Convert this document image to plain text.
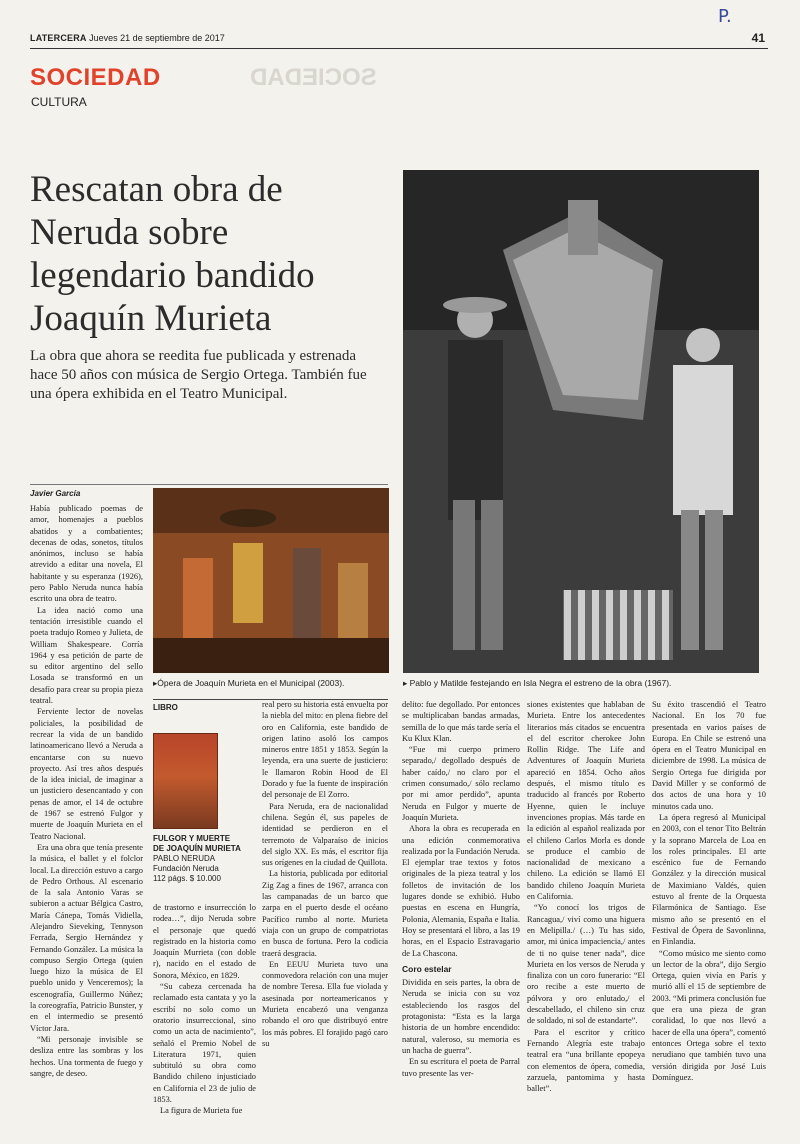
P.
LATERCERA Jueves 21 de septiembre de 2017	41
SOCIEDAD
SOCIEDAD
CULTURA
Rescatan obra de Neruda sobre legendario bandido Joaquín Murieta
La obra que ahora se reedita fue publicada y estrenada hace 50 años con música de Sergio Ortega. También fue una ópera exhibida en el Teatro Municipal.
Javier García
▸Ópera de Joaquín Murieta en el Municipal (2003).	▸ Pablo y Matilde festejando en Isla Negra el estreno de la obra (1967).

Había publicado poemas de amor, homenajes a pueblos abatidos y a combatientes; decenas de odas, sonetos, títulos anónimos, incluso se había atrevido a editar una novela, El habitante y su esperanza (1926), pero Pablo Neruda nunca había escrito una obra de teatro.

La idea nació como una tentación irresistible cuando el poeta tradujo Romeo y Julieta, de William Shakespeare. Corría 1964 y esa petición de parte de su editor argentino del sello Losada se transformó en un desafío para crear su propia pieza teatral.

Ferviente lector de novelas policiales, la posibilidad de recrear la vida de un bandido latinoamericano llevó a Neruda a encantarse con su nuevo proyecto. Así tres años después de la idea inicial, de imaginar a un justiciero desencantado y con penas de amor, el 14 de octubre de 1967 se estrenó Fulgor y muerte de Joaquín Murieta en el Teatro Nacional.

Era una obra que tenía presente la música, el ballet y el folclor local. La dirección estuvo a cargo de Pedro Orthous. Al escenario de la sala Antonio Varas se subieron a actuar Bélgica Castro, María Cánepa, Tomás Vidiella, Alejandro Sieveking, Tennyson Ferrada, Sergio Hernández y Fernando González. La música la compuso Sergio Ortega (quien luego hizo la música de El pueblo unido y Venceremos); la escenografía, Guillermo Núñez; la coreografía, Patricio Bunster, y en el intermedio se presentó Víctor Jara.

“Mi personaje invisible se desliza entre las sombras y los hechos. Una tormenta de fuego y sangre, de deseo.

LIBRO
FULGOR Y MUERTE DE JOAQUÍN MURIETA
PABLO NERUDA
Fundación Neruda
112 págs. $ 10.000

de trastorno e insurrección lo rodea…”, dijo Neruda sobre el personaje que quedó registrado en la historia como Joaquín Murrieta (con doble r), nacido en el estado de Sonora, México, en 1829.

“Su cabeza cercenada ha reclamado esta cantata y yo la escribí no solo como un oratorio insurreccional, sino como un acta de nacimiento”, señaló el Premio Nobel de Literatura 1971, quien subtituló su obra como Bandido chileno injusticiado en California el 23 de julio de 1853.

La figura de Murieta fue

real pero su historia está envuelta por la niebla del mito: en plena fiebre del oro en California, este bandido de origen latino asoló los campos mineros entre 1851 y 1853. Según la leyenda, era una suerte de justiciero: le llamaron Robin Hood de El Dorado y fue la fuente de inspiración del personaje de El Zorro.

Para Neruda, era de nacionalidad chilena. Según él, sus papeles de identidad se perdieron en el terremoto de Valparaíso de inicios del siglo XX. Es más, el escritor fija sus orígenes en la ciudad de Quillota.

La historia, publicada por editorial Zig Zag a fines de 1967, arranca con las campanadas de un barco que zarpa en el puerto desde el océano Pacífico rumbo al norte. Murieta viaja con un grupo de compatriotas en busca de fortuna. Pero la codicia traerá desgracia.

En EEUU Murieta tuvo una conmovedora relación con una mujer de nombre Teresa. Ella fue violada y asesinada por norteamericanos y Murieta encabezó una venganza robando el oro que distribuyó entre los más pobres. El forajido pagó caro su

delito: fue degollado. Por entonces se multiplicaban bandas armadas, semilla de lo que más tarde sería el Ku Klux Klan.

“Fue mi cuerpo primero separado,/ degollado después de haber caído,/ no claro por el crimen consumado,/ sólo reclamo por mi amor perdido”, apunta Neruda en Fulgor y muerte de Joaquín Murieta.

Ahora la obra es recuperada en una edición conmemorativa realizada por la Fundación Neruda. El ejemplar trae textos y fotos originales de la pieza teatral y los folletos de invitación de los lugares donde se exhibió. Hubo puestas en escena en Hungría, Polonia, Alemania, España e Italia. Hoy se presentará el libro, a las 19 horas, en el Espacio Estravagario de La Chascona.

Coro estelar

Dividida en seis partes, la obra de Neruda se inicia con su voz estableciendo los rasgos del protagonista: “Esta es la larga historia de un hombre encendido: natural, valeroso, su memoria es un hacha de guerra”.

En su escritura el poeta de Parral tuvo presente las ver-

siones existentes que hablaban de Murieta. Entre los antecedentes literarios más citados se encuentra el del escritor cherokee John Rollin Ridge. The Life and Adventures of Joaquín Murieta apareció en 1854. Ocho años después, el mismo título es traducido al francés por Roberto Hyenne, quien le incluye invenciones propias. Más tarde en la edición al español realizada por el chileno Carlos Morla es donde se produce el cambio de nacionalidad de mexicano a chileno. La edición se llamó El bandido chileno Joaquín Murieta en California.

“Yo conocí los trigos de Rancagua,/ viví como una higuera en Melipilla./ (…) Tu has sido, amor, mi única impaciencia,/ antes de ti no quise tener nada”, dice Murieta en los versos de Neruda y finaliza con un coro funerario: “El oro recibe a este muerto de pólvora y oro enlutado,/ el descabellado, el chileno sin cruz de soldado, ni sol de estandarte”.

Para el escritor y crítico Fernando Alegría este trabajo teatral era “una brillante epopeya con elementos de ópera, comedia, zarzuela, pantomima y hasta ballet”.

Su éxito trascendió el Teatro Nacional. En los 70 fue presentada en varios países de Europa. En Chile se estrenó una ópera en el Teatro Municipal en diciembre de 1998. La música de Sergio Ortega fue dirigida por David Miller y se conformó de dos actos de una hora y 10 minutos cada uno.

La ópera regresó al Municipal en 2003, con el tenor Tito Beltrán y la soprano Marcela de Loa en los roles principales. El arte escénico fue de Fernando González y la dirección musical de Maximiano Valdés, quien estuvo al frente de la Orquesta Filarmónica de Santiago. Ese mismo año se presentó en el Festival de Ópera de Savonlinna, en Finlandia.

“Como músico me siento como un lector de la obra”, dijo Sergio Ortega, quien vivía en París y murió allí el 15 de septiembre de 2003. “Mi primera conclusión fue que era una pieza de gran coralidad, lo que nos llevó a hacer de ella una ópera”, comentó entonces Ortega sobre el texto nerudiano que también tuvo una versión dirigida por José Luis Domínguez.
